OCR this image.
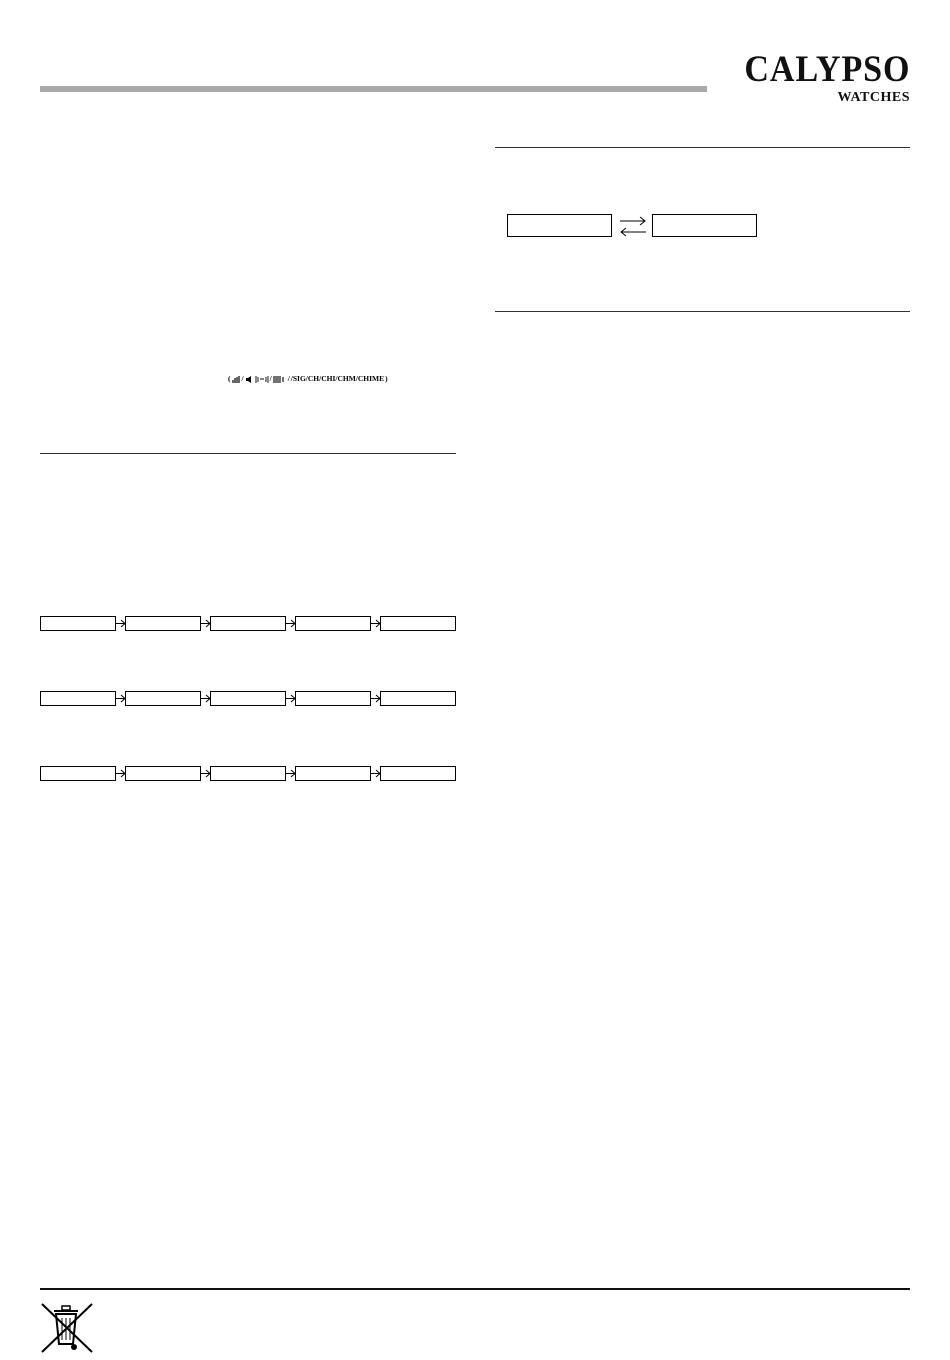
CALYPSO
WATCHES
( /	/ / /SIG/CH/CHI/CHM/CHIME )
